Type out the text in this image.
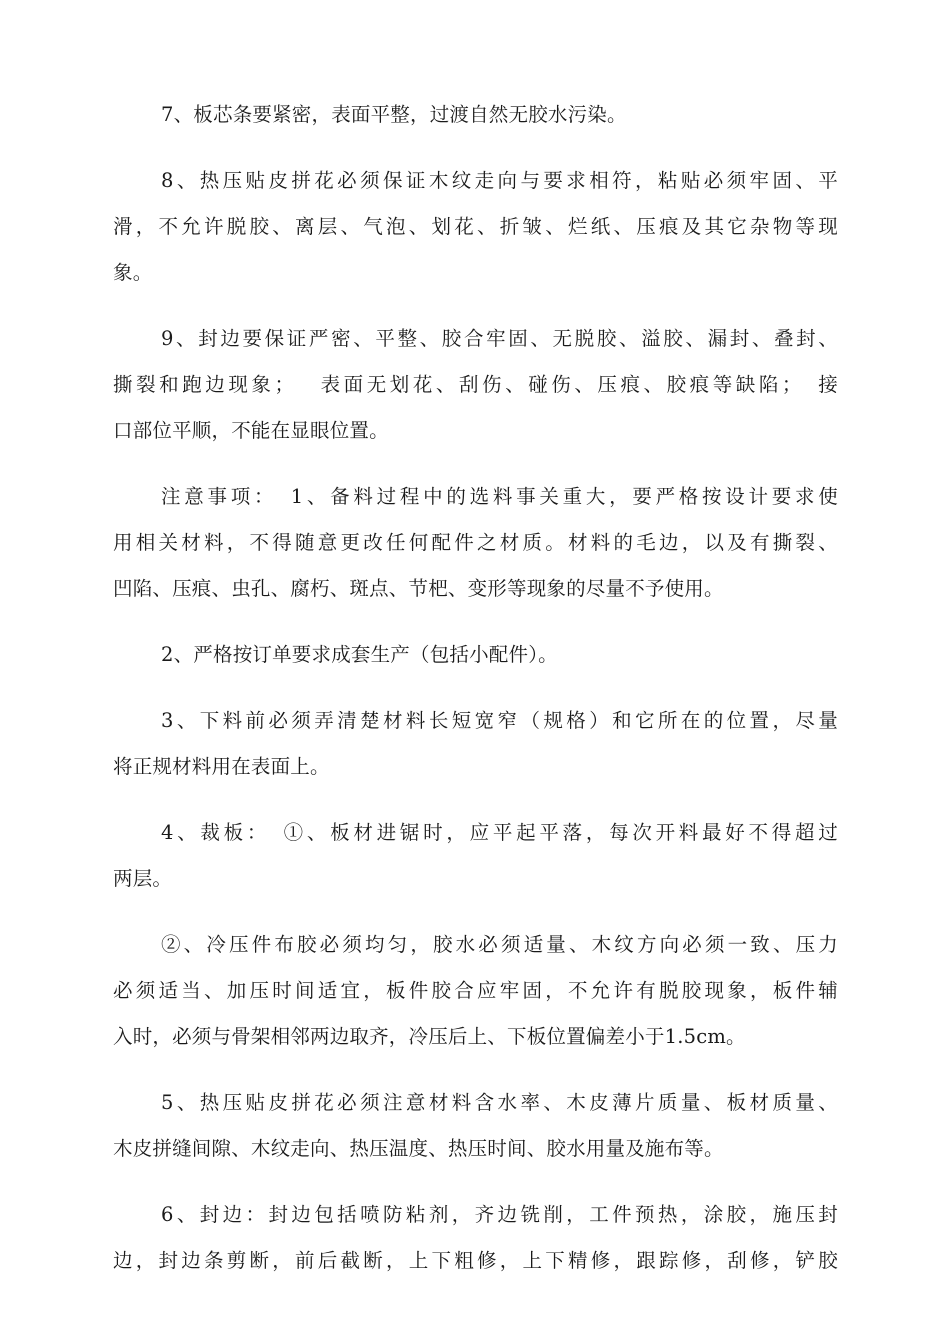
7、板芯条要紧密，表面平整，过渡自然无胶水污染。

8、热压贴皮拼花必须保证木纹走向与要求相符，粘贴必须牢固、平
滑，不允许脱胶、离层、气泡、划花、折皱、烂纸、压痕及其它杂物等现
象。

9、封边要保证严密、平整、胶合牢固、无脱胶、溢胶、漏封、叠封、
撕裂和跑边现象；　 表面无划花、刮伤、碰伤、压痕、胶痕等缺陷；　接
口部位平顺，不能在显眼位置。

注意事项：　1、备料过程中的选料事关重大，要严格按设计要求使
用相关材料，不得随意更改任何配件之材质。材料的毛边，以及有撕裂、
凹陷、压痕、虫孔、腐朽、斑点、节杷、变形等现象的尽量不予使用。

2、严格按订单要求成套生产（包括小配件）。

3、下料前必须弄清楚材料长短宽窄（规格）和它所在的位置，尽量
将正规材料用在表面上。

4、裁板：　①、板材进锯时，应平起平落，每次开料最好不得超过
两层。

②、冷压件布胶必须均匀，胶水必须适量、木纹方向必须一致、压力
必须适当、加压时间适宜，板件胶合应牢固，不允许有脱胶现象，板件辅
入时，必须与骨架相邻两边取齐，冷压后上、下板位置偏差小于1.5cm。

5、热压贴皮拼花必须注意材料含水率、木皮薄片质量、板材质量、
木皮拼缝间隙、木纹走向、热压温度、热压时间、胶水用量及施布等。

6、封边：封边包括喷防粘剂，齐边铣削，工件预热，涂胶，施压封
边，封边条剪断，前后截断，上下粗修，上下精修，跟踪修，刮修，铲胶
